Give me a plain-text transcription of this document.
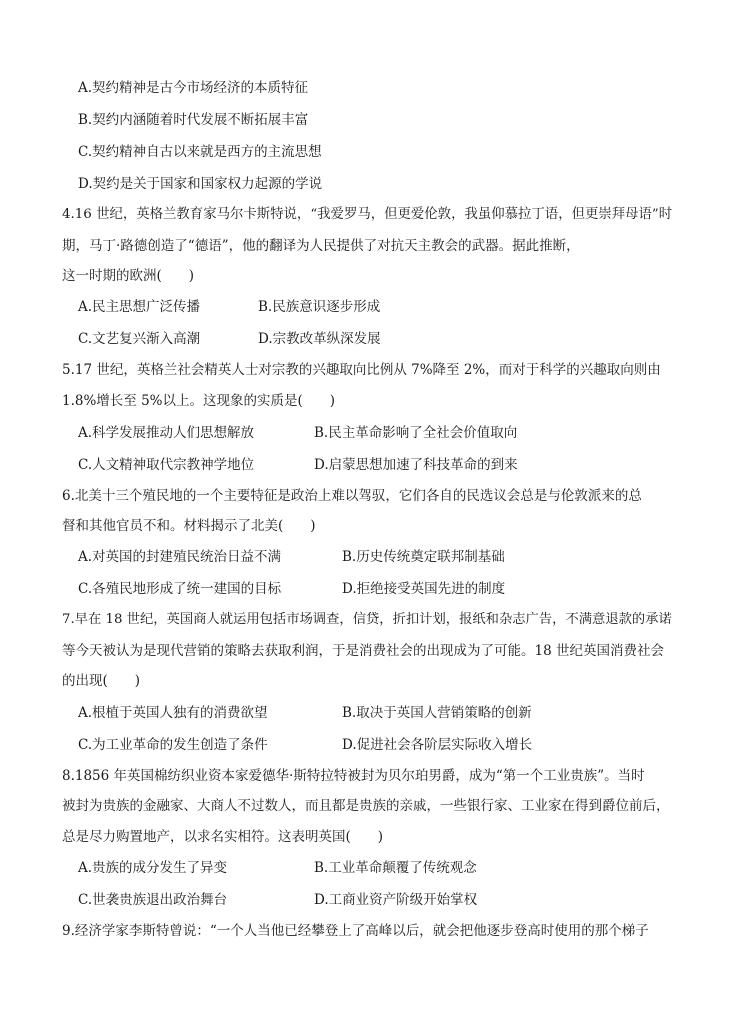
A.契约精神是古今市场经济的本质特征
B.契约内涵随着时代发展不断拓展丰富
C.契约精神自古以来就是西方的主流思想
D.契约是关于国家和国家权力起源的学说
4.16 世纪，英格兰教育家马尔卡斯特说，“我爱罗马，但更爱伦敦，我虽仰慕拉丁语，但更崇拜母语”时
期，马丁·路德创造了“德语”，他的翻译为人民提供了对抗天主教会的武器。据此推断，
这一时期的欧洲(　　)
A.民主思想广泛传播	B.民族意识逐步形成
C.文艺复兴渐入高潮	D.宗教改革纵深发展
5.17 世纪，英格兰社会精英人士对宗教的兴趣取向比例从 7%降至 2%，而对于科学的兴趣取向则由
1.8%增长至 5%以上。这现象的实质是(　　)
A.科学发展推动人们思想解放	B.民主革命影响了全社会价值取向
C.人文精神取代宗教神学地位	D.启蒙思想加速了科技革命的到来
6.北美十三个殖民地的一个主要特征是政治上难以驾驭，它们各自的民选议会总是与伦敦派来的总
督和其他官员不和。材料揭示了北美(　　)
A.对英国的封建殖民统治日益不满	B.历史传统奠定联邦制基础
C.各殖民地形成了统一建国的目标	D.拒绝接受英国先进的制度
7.早在 18 世纪，英国商人就运用包括市场调查，信贷，折扣计划，报纸和杂志广告，不满意退款的承诺
等今天被认为是现代营销的策略去获取利润，于是消费社会的出现成为了可能。18 世纪英国消费社会
的出现(　　)
A.根植于英国人独有的消费欲望	B.取决于英国人营销策略的创新
C.为工业革命的发生创造了条件	D.促进社会各阶层实际收入增长
8.1856 年英国棉纺织业资本家爱德华·斯特拉特被封为贝尔珀男爵，成为“第一个工业贵族”。当时
被封为贵族的金融家、大商人不过数人，而且都是贵族的亲戚，一些银行家、工业家在得到爵位前后，
总是尽力购置地产，以求名实相符。这表明英国(　　)
A.贵族的成分发生了异变	B.工业革命颠覆了传统观念
C.世袭贵族退出政治舞台	D.工商业资产阶级开始掌权
9.经济学家李斯特曾说：“一个人当他已经攀登上了高峰以后，就会把他逐步登高时使用的那个梯子
